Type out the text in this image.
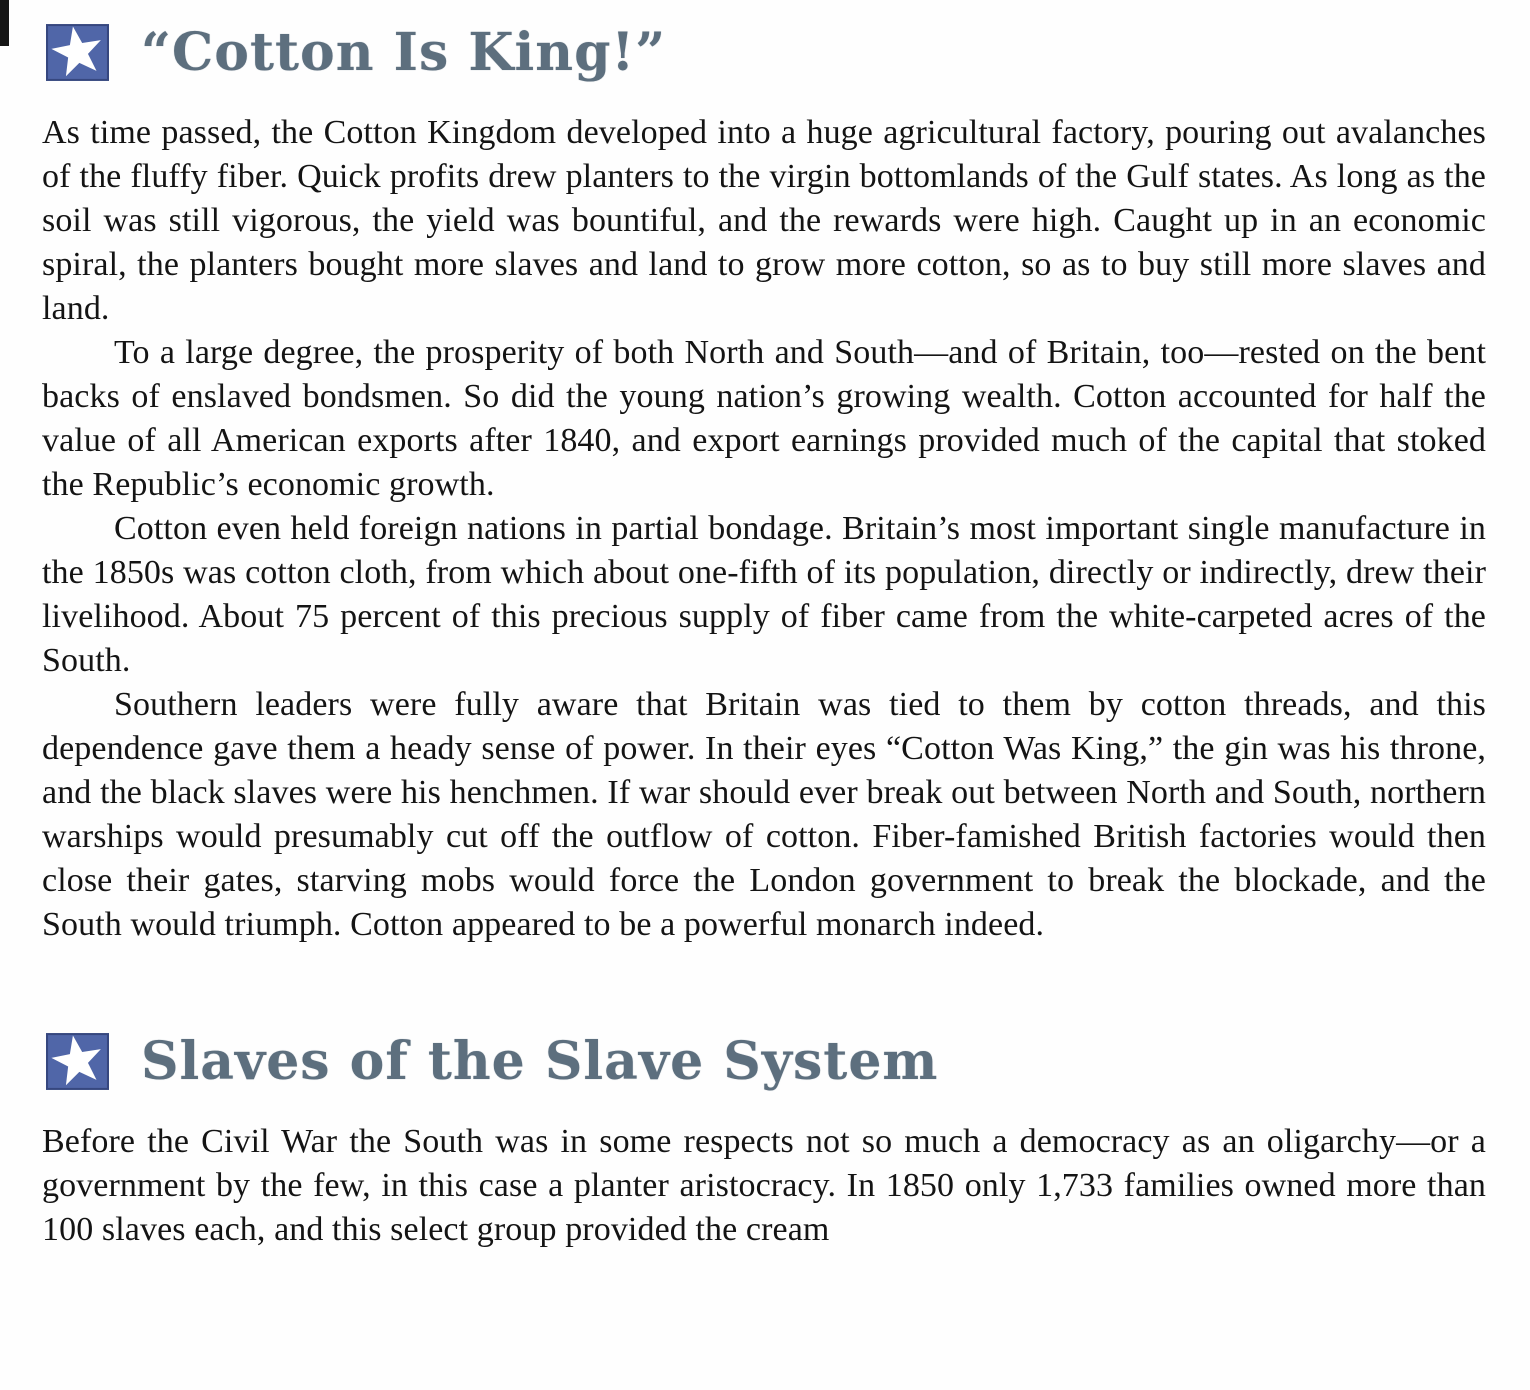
“Cotton Is King!”

As time passed, the Cotton Kingdom developed into a huge agricultural factory, pouring out avalanches of the fluffy fiber. Quick profits drew planters to the virgin bottomlands of the Gulf states. As long as the soil was still vigorous, the yield was bountiful, and the rewards were high. Caught up in an economic spiral, the planters bought more slaves and land to grow more cotton, so as to buy still more slaves and land.

To a large degree, the prosperity of both North and South—and of Britain, too—rested on the bent backs of enslaved bondsmen. So did the young nation’s growing wealth. Cotton accounted for half the value of all American exports after 1840, and export earnings provided much of the capital that stoked the Republic’s economic growth.

Cotton even held foreign nations in partial bondage. Britain’s most important single manufacture in the 1850s was cotton cloth, from which about one-fifth of its population, directly or indirectly, drew their livelihood. About 75 percent of this precious supply of fiber came from the white-carpeted acres of the South.

Southern leaders were fully aware that Britain was tied to them by cotton threads, and this dependence gave them a heady sense of power. In their eyes “Cotton Was King,” the gin was his throne, and the black slaves were his henchmen. If war should ever break out between North and South, northern warships would presumably cut off the outflow of cotton. Fiber-famished British factories would then close their gates, starving mobs would force the London government to break the blockade, and the South would triumph. Cotton appeared to be a powerful monarch indeed.

Slaves of the Slave System

Before the Civil War the South was in some respects not so much a democracy as an oligarchy—or a government by the few, in this case a planter aristocracy. In 1850 only 1,733 families owned more than 100 slaves each, and this select group provided the cream
